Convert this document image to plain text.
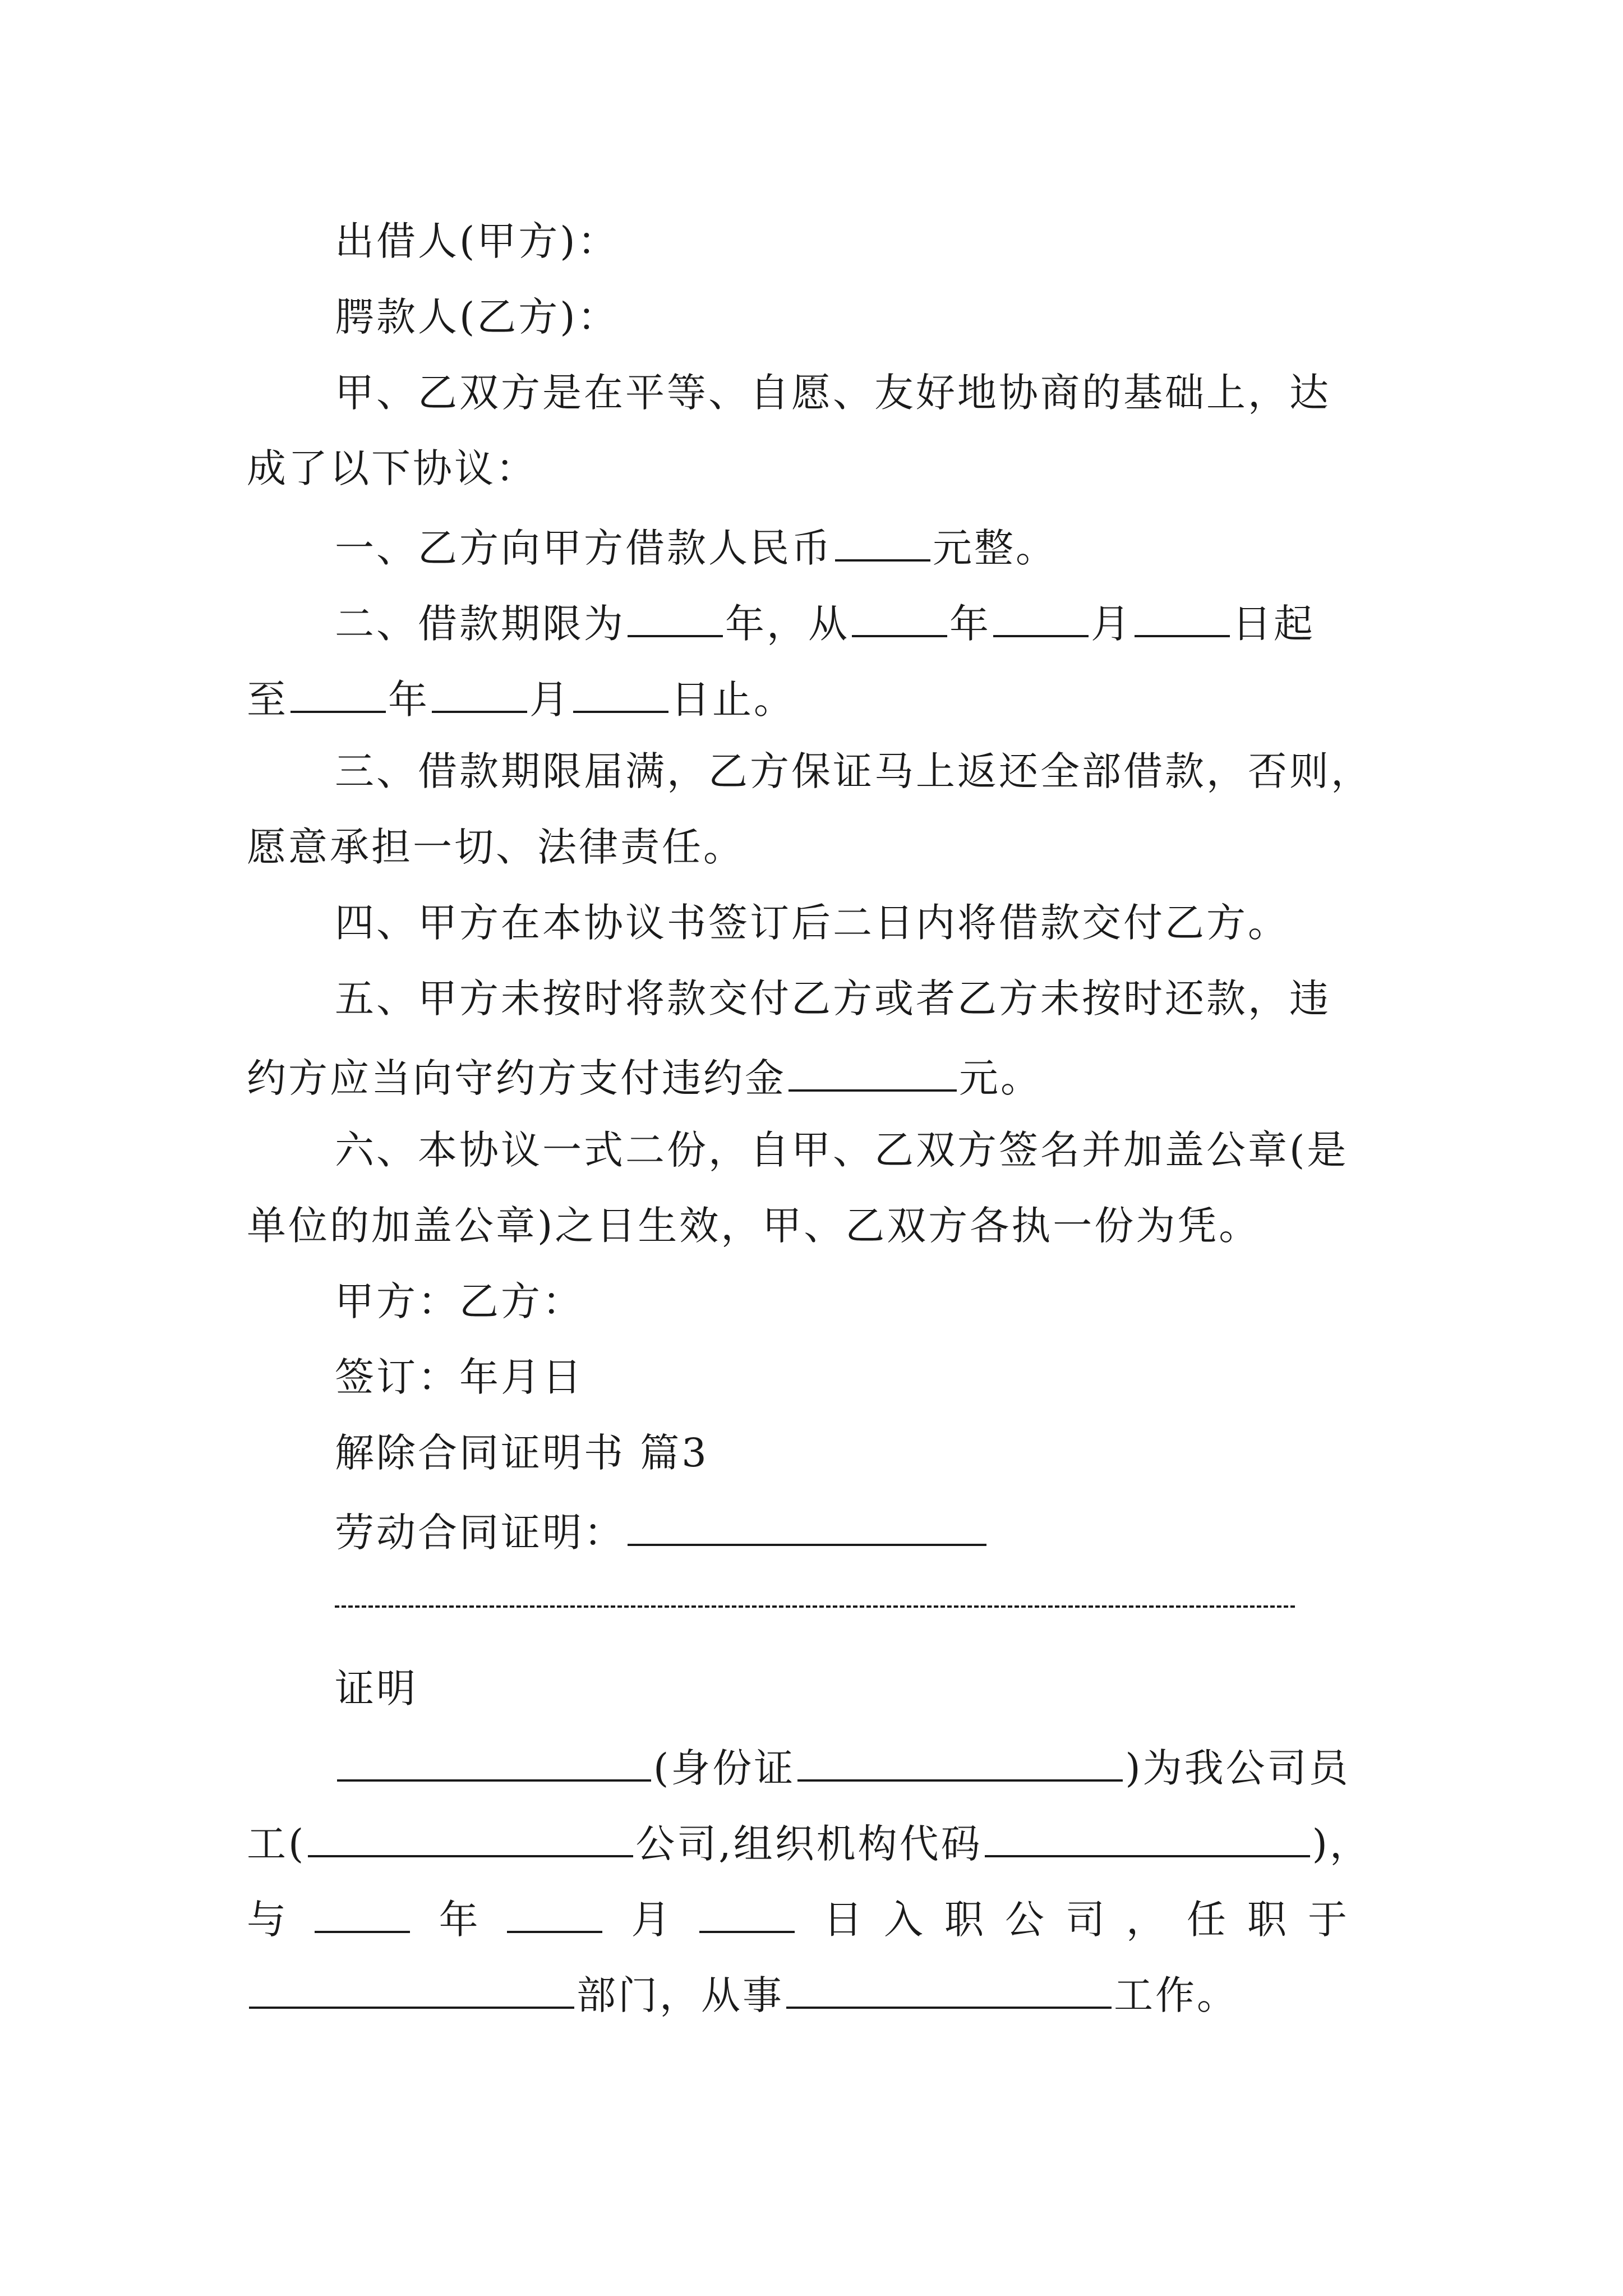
出借人(甲方)：
腭款人(乙方)：
甲、乙双方是在平等、自愿、友好地协商的基础上，达
成了以下协议：
一、乙方向甲方借款人民币	元整。
二、借款期限为	年，从	年	月	日起
至	年	月	日止。
三、借款期限届满，乙方保证马上返还全部借款，否则，
愿意承担一切、法律责任。
四、甲方在本协议书签订后二日内将借款交付乙方。
五、甲方未按时将款交付乙方或者乙方未按时还款，违
约方应当向守约方支付违约金	元。
六、本协议一式二份，自甲、乙双方签名并加盖公章(是
单位的加盖公章)之日生效，甲、乙双方各执一份为凭。
甲方：乙方：
签订：年月日
解除合同证明书 篇3
劳动合同证明：
证明
(身份证	)为我公司员
工(	公司,组织机构代码	)，
与	年	月	日入职公司，任职于
部门，从事	工作。
